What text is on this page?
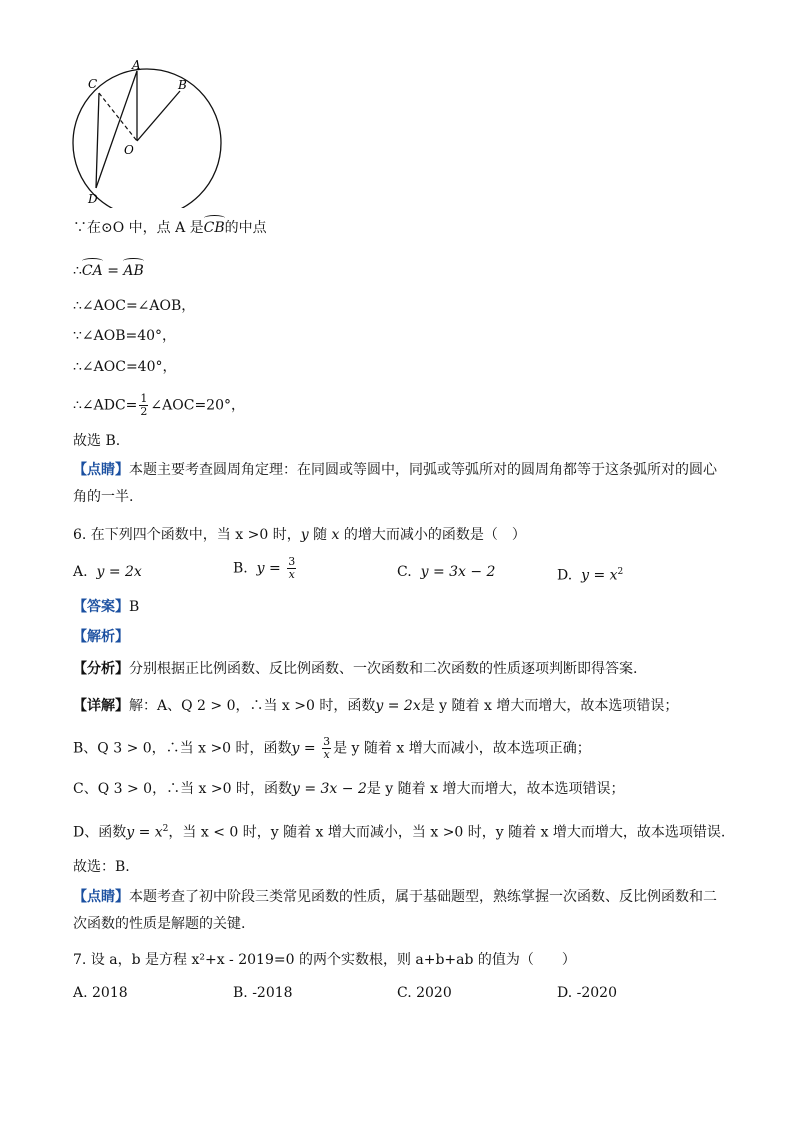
A
B
C
D
O
∵在⊙O 中，点 A 是CB的中点
∴CA = AB
∴∠AOC=∠AOB，
∵∠AOB=40°，
∴∠AOC=40°，
∴∠ADC= $\frac{1}{2}$ ∠AOC=20°，
故选 B.
【点睛】本题主要考查圆周角定理：在同圆或等圆中，同弧或等弧所对的圆周角都等于这条弧所对的圆心角的一半.
6. 在下列四个函数中，当 x >0 时，y 随 x 的增大而减小的函数是（　）
A. y = 2x	B. $y = \frac{3}{x}$	C. y = 3x − 2	D. $y = x^2$
【答案】B
【解析】
【分析】分别根据正比例函数、反比例函数、一次函数和二次函数的性质逐项判断即得答案.
【详解】解：A、Q 2 > 0，∴当 x >0 时，函数y = 2x是 y 随着 x 增大而增大，故本选项错误；
B、Q 3 > 0，∴当 x >0 时，函数$y = \frac{3}{x}$ 是 y 随着 x 增大而减小，故本选项正确；
C、Q 3 > 0，∴当 x >0 时，函数y = 3x − 2是 y 随着 x 增大而增大，故本选项错误；
D、函数$y = x^2$，当 x < 0 时，y 随着 x 增大而减小，当 x >0 时，y 随着 x 增大而增大，故本选项错误.
故选：B.
【点睛】本题考查了初中阶段三类常见函数的性质，属于基础题型，熟练掌握一次函数、反比例函数和二次函数的性质是解题的关键.
7. 设 a，b 是方程 x²+x - 2019=0 的两个实数根，则 a+b+ab 的值为（　　）
A. 2018	B. -2018	C. 2020	D. -2020
